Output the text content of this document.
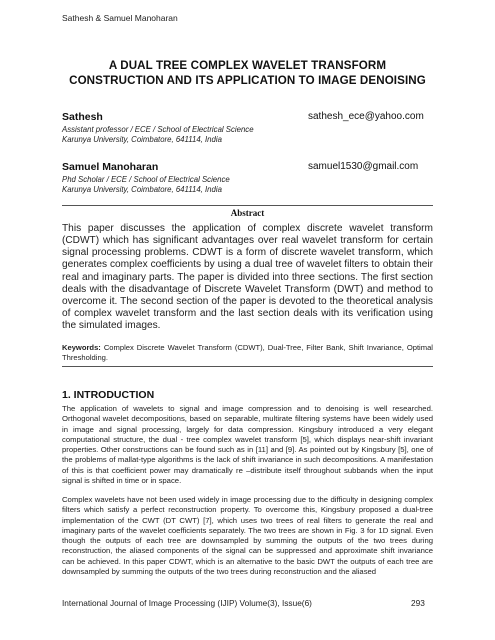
Sathesh & Samuel Manoharan
A DUAL TREE COMPLEX WAVELET TRANSFORM
CONSTRUCTION AND ITS APPLICATION TO IMAGE DENOISING
Sathesh	sathesh_ece@yahoo.com
Assistant professor / ECE / School of Electrical Science
Karunya University, Coimbatore, 641114, India
Samuel Manoharan	samuel1530@gmail.com
Phd Scholar / ECE / School of Electrical Science
Karunya University, Coimbatore, 641114, India
Abstract
This paper discusses the application of complex discrete wavelet transform (CDWT) which has significant advantages over real wavelet transform for certain signal processing problems. CDWT is a form of discrete wavelet transform, which generates complex coefficients by using a dual tree of wavelet filters to obtain their real and imaginary parts. The paper is divided into three sections. The first section deals with the disadvantage of Discrete Wavelet Transform (DWT) and method to overcome it. The second section of the paper is devoted to the theoretical analysis of complex wavelet transform and the last section deals with its verification using the simulated images.
Keywords: Complex Discrete Wavelet Transform (CDWT), Dual-Tree, Filter Bank, Shift Invariance, Optimal Thresholding.
1. INTRODUCTION
The application of wavelets to signal and image compression and to denoising is well researched. Orthogonal wavelet decompositions, based on separable, multirate filtering systems have been widely used in image and signal processing, largely for data compression. Kingsbury introduced a very elegant computational structure, the dual - tree complex wavelet transform [5], which displays near-shift invariant properties. Other constructions can be found such as in [11] and [9]. As pointed out by Kingsbury [5], one of the problems of mallat-type algorithms is the lack of shift invariance in such decompositions. A manifestation of this is that coefficient power may dramatically re –distribute itself throughout subbands when the input signal is shifted in time or in space.
Complex wavelets have not been used widely in image processing due to the difficulty in designing complex filters which satisfy a perfect reconstruction property. To overcome this, Kingsbury proposed a dual-tree implementation of the CWT (DT CWT) [7], which uses two trees of real filters to generate the real and imaginary parts of the wavelet coefficients separately. The two trees are shown in Fig. 3 for 1D signal. Even though the outputs of each tree are downsampled by summing the outputs of the two trees during reconstruction, the aliased components of the signal can be suppressed and approximate shift invariance can be achieved. In this paper CDWT, which is an alternative to the basic DWT the outputs of each tree are downsampled by summing the outputs of the two trees during reconstruction and the aliased
International Journal of Image Processing (IJIP) Volume(3), Issue(6)	293
